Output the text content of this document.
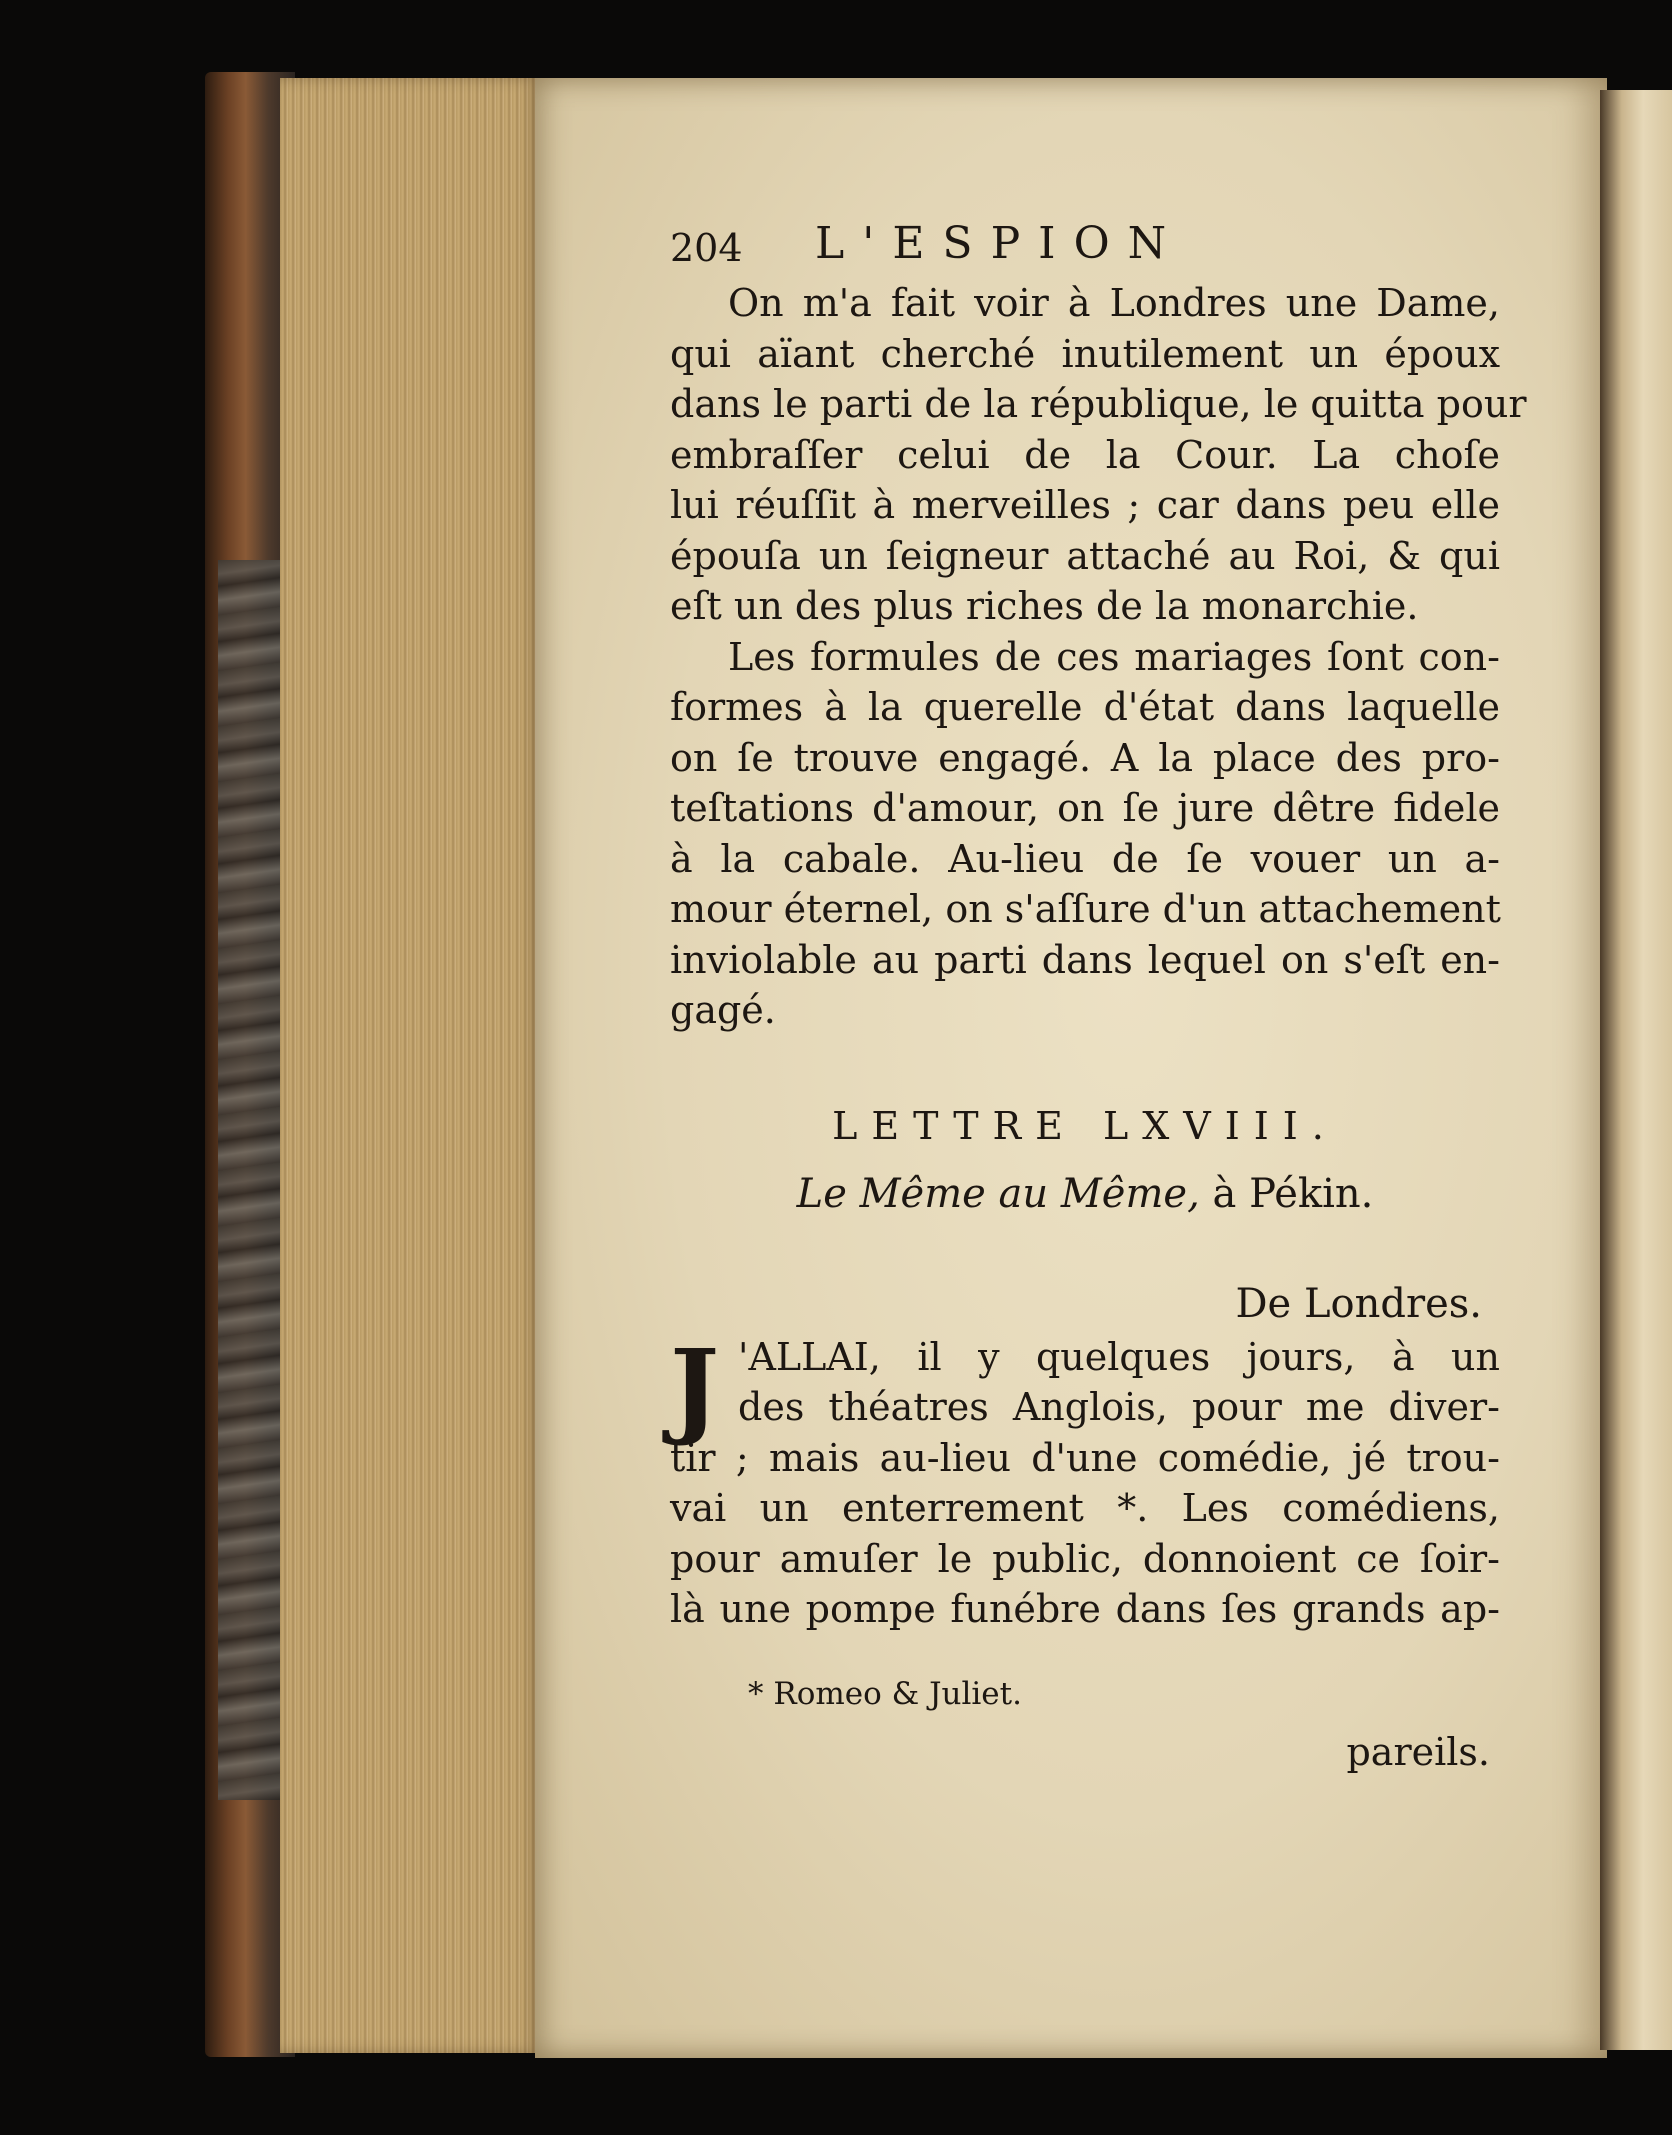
204 L'ESPION
On m'a fait voir à Londres une Dame,
qui aïant cherché inutilement un époux
dans le parti de la république, le quitta pour
embraſſer celui de la Cour. La choſe
lui réuſſit à merveilles ; car dans peu elle
épouſa un ſeigneur attaché au Roi, & qui
eſt un des plus riches de la monarchie.
Les formules de ces mariages ſont con-
formes à la querelle d'état dans laquelle
on ſe trouve engagé. A la place des pro-
teſtations d'amour, on ſe jure dêtre fidele
à la cabale. Au-lieu de ſe vouer un a-
mour éternel, on s'aſſure d'un attachement
inviolable au parti dans lequel on s'eſt en-
gagé.
LETTRE LXVIII.
Le Même au Même, à Pékin.
De Londres.
J 'ALLAI, il y quelques jours, à un
des théatres Anglois, pour me diver-
tir ; mais au-lieu d'une comédie, jé trou-
vai un enterrement *. Les comédiens,
pour amuſer le public, donnoient ce ſoir-
là une pompe funébre dans ſes grands ap-
* Romeo & Juliet.
pareils.
